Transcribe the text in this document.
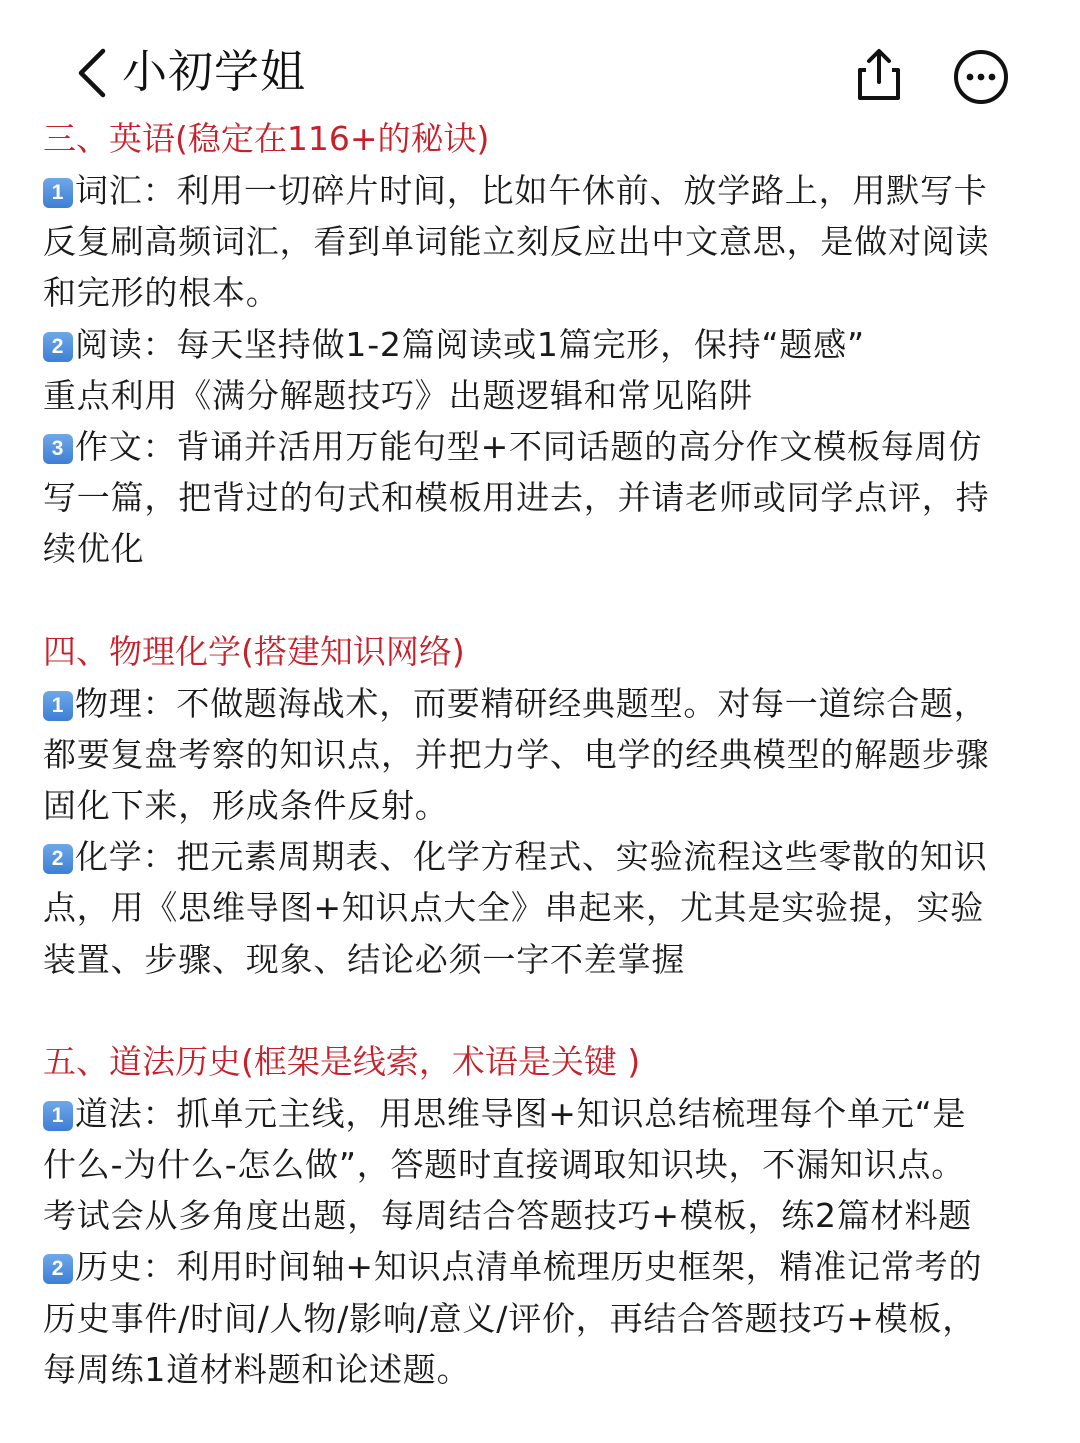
小初学姐
三、英语(稳定在116+的秘诀)
1 词汇：利用一切碎片时间，比如午休前、放学路上，用默写卡
反复刷高频词汇，看到单词能立刻反应出中文意思，是做对阅读
和完形的根本。
2 阅读：每天坚持做1-2篇阅读或1篇完形，保持“题感”
重点利用《满分解题技巧》出题逻辑和常见陷阱
3 作文：背诵并活用万能句型+不同话题的高分作文模板每周仿
写一篇，把背过的句式和模板用进去，并请老师或同学点评，持
续优化
四、物理化学(搭建知识网络)
1 物理：不做题海战术，而要精研经典题型。对每一道综合题，
都要复盘考察的知识点，并把力学、电学的经典模型的解题步骤
固化下来，形成条件反射。
2 化学：把元素周期表、化学方程式、实验流程这些零散的知识
点，用《思维导图+知识点大全》串起来，尤其是实验提，实验
装置、步骤、现象、结论必须一字不差掌握
五、道法历史(框架是线索，术语是关键 )
1 道法：抓单元主线，用思维导图+知识总结梳理每个单元“是
什么-为什么-怎么做”，答题时直接调取知识块，不漏知识点。
考试会从多角度出题，每周结合答题技巧+模板，练2篇材料题
2 历史：利用时间轴+知识点清单梳理历史框架，精准记常考的
历史事件/时间/人物/影响/意义/评价，再结合答题技巧+模板，
每周练1道材料题和论述题。
